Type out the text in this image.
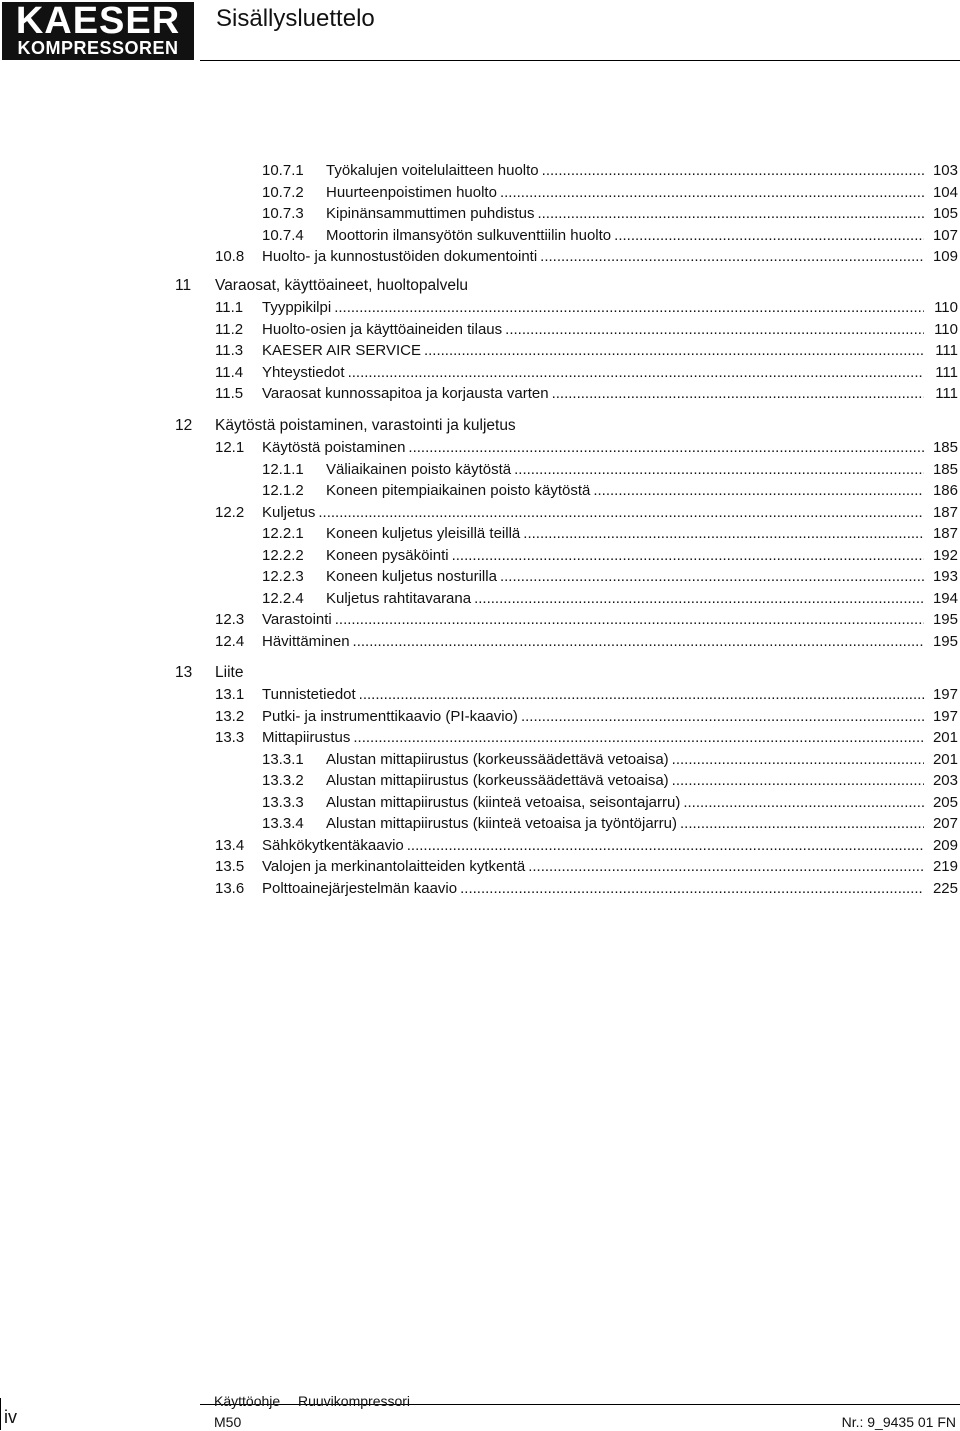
KAESER
KOMPRESSOREN
Sisällysluettelo
10.7.1 Työkalujen voitelulaitteen huolto .....	103
10.7.2 Huurteenpoistimen huolto .....	104
10.7.3 Kipinänsammuttimen puhdistus .....	105
10.7.4 Moottorin ilmansyötön sulkuventtiilin huolto .....	107
10.8 Huolto- ja kunnostustöiden dokumentointi .....	109
11 Varaosat, käyttöaineet, huoltopalvelu
11.1 Tyyppikilpi .....	110
11.2 Huolto-osien ja käyttöaineiden tilaus .....	110
11.3 KAESER AIR SERVICE .....	111
11.4 Yhteystiedot .....	111
11.5 Varaosat kunnossapitoa ja korjausta varten .....	111
12 Käytöstä poistaminen, varastointi ja kuljetus
12.1 Käytöstä poistaminen .....	185
12.1.1 Väliaikainen poisto käytöstä .....	185
12.1.2 Koneen pitempiaikainen poisto käytöstä .....	186
12.2 Kuljetus .....	187
12.2.1 Koneen kuljetus yleisillä teillä .....	187
12.2.2 Koneen pysäköinti .....	192
12.2.3 Koneen kuljetus nosturilla .....	193
12.2.4 Kuljetus rahtitavarana .....	194
12.3 Varastointi .....	195
12.4 Hävittäminen .....	195
13 Liite
13.1 Tunnistetiedot .....	197
13.2 Putki- ja instrumenttikaavio (PI-kaavio) .....	197
13.3 Mittapiirustus .....	201
13.3.1 Alustan mittapiirustus (korkeussäädettävä vetoaisa) .....	201
13.3.2 Alustan mittapiirustus (korkeussäädettävä vetoaisa) .....	203
13.3.3 Alustan mittapiirustus (kiinteä vetoaisa, seisontajarru) .....	205
13.3.4 Alustan mittapiirustus (kiinteä vetoaisa ja työntöjarru) .....	207
13.4 Sähkökytkentäkaavio .....	209
13.5 Valojen ja merkinantolaitteiden kytkentä .....	219
13.6 Polttoainejärjestelmän kaavio .....	225
iv
Käyttöohje Ruuvikompressori
M50	Nr.: 9_9435 01 FN
